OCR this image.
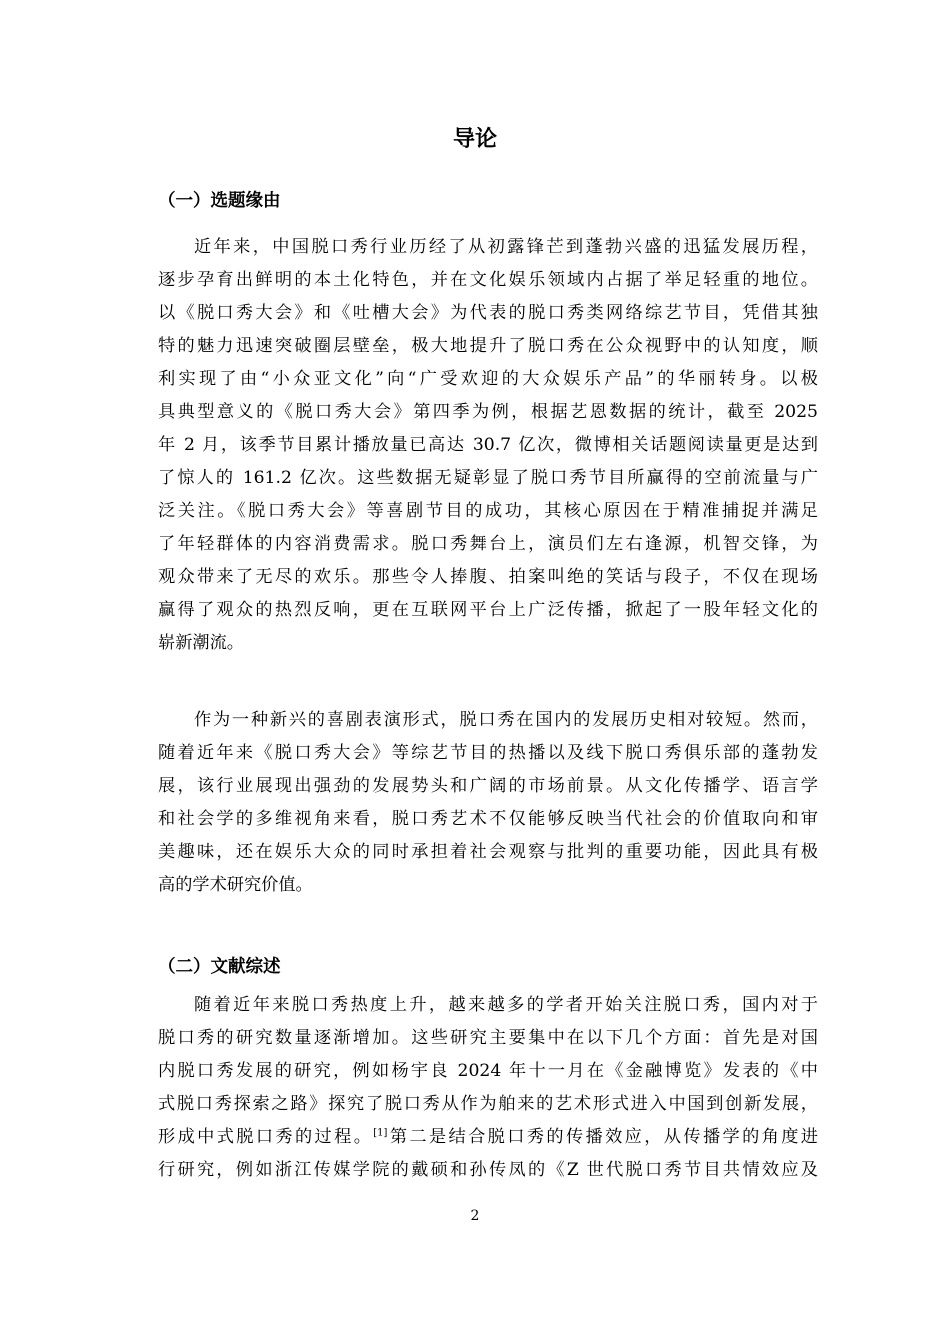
导论
（一）选题缘由
近年来，中国脱口秀行业历经了从初露锋芒到蓬勃兴盛的迅猛发展历程，
逐步孕育出鲜明的本土化特色，并在文化娱乐领域内占据了举足轻重的地位。
以《脱口秀大会》和《吐槽大会》为代表的脱口秀类网络综艺节目，凭借其独
特的魅力迅速突破圈层壁垒，极大地提升了脱口秀在公众视野中的认知度，顺
利实现了由“小众亚文化”向“广受欢迎的大众娱乐产品”的华丽转身。以极
具典型意义的《脱口秀大会》第四季为例，根据艺恩数据的统计，截至 2025
年 2 月，该季节目累计播放量已高达 30.7 亿次，微博相关话题阅读量更是达到
了惊人的 161.2 亿次。这些数据无疑彰显了脱口秀节目所赢得的空前流量与广
泛关注。《脱口秀大会》等喜剧节目的成功，其核心原因在于精准捕捉并满足
了年轻群体的内容消费需求。脱口秀舞台上，演员们左右逢源，机智交锋，为
观众带来了无尽的欢乐。那些令人捧腹、拍案叫绝的笑话与段子，不仅在现场
赢得了观众的热烈反响，更在互联网平台上广泛传播，掀起了一股年轻文化的
崭新潮流。
作为一种新兴的喜剧表演形式，脱口秀在国内的发展历史相对较短。然而，
随着近年来《脱口秀大会》等综艺节目的热播以及线下脱口秀俱乐部的蓬勃发
展，该行业展现出强劲的发展势头和广阔的市场前景。从文化传播学、语言学
和社会学的多维视角来看，脱口秀艺术不仅能够反映当代社会的价值取向和审
美趣味，还在娱乐大众的同时承担着社会观察与批判的重要功能，因此具有极
高的学术研究价值。
（二）文献综述
随着近年来脱口秀热度上升，越来越多的学者开始关注脱口秀，国内对于
脱口秀的研究数量逐渐增加。这些研究主要集中在以下几个方面：首先是对国
内脱口秀发展的研究，例如杨宇良 2024 年十一月在《金融博览》发表的《中
式脱口秀探索之路》探究了脱口秀从作为舶来的艺术形式进入中国到创新发展，
形成中式脱口秀的过程。[1]第二是结合脱口秀的传播效应，从传播学的角度进
行研究，例如浙江传媒学院的戴硕和孙传凤的《Z 世代脱口秀节目共情效应及
2
